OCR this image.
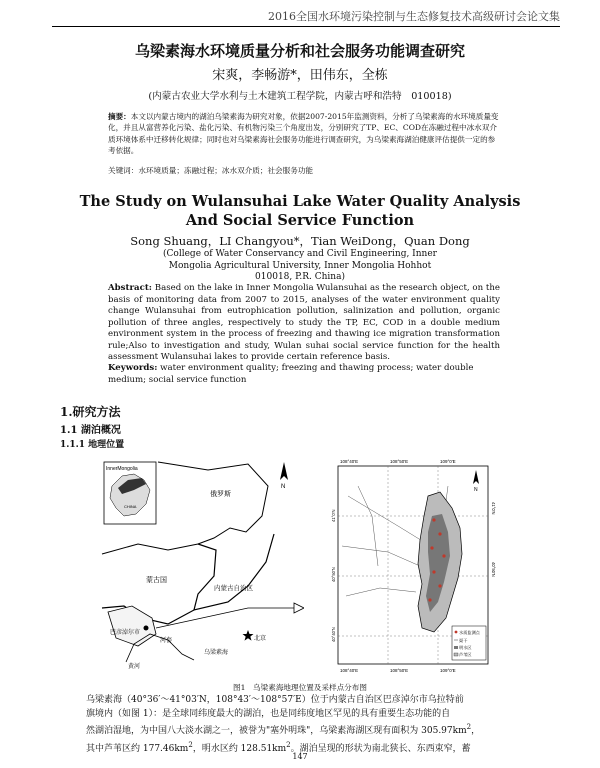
2016全国水环境污染控制与生态修复技术高级研讨会论文集
乌梁素海水环境质量分析和社会服务功能调查研究
宋爽，李畅游*，田伟东，全栋
(内蒙古农业大学水利与土木建筑工程学院，内蒙古呼和浩特　010018)
摘要：本文以内蒙古境内的湖泊乌梁素海为研究对象，依据2007-2015年监测资料，分析了乌梁素海的水环境质量变化，并且从富营养化污染、盐化污染、有机物污染三个角度出发，分别研究了TP、EC、COD在冻融过程中冰水双介质环境体系中迁移转化规律；同时也对乌梁素海社会服务功能进行调查研究，为乌梁素海湖泊健康评估提供一定的参考依据。
关键词：水环境质量；冻融过程；冰水双介质；社会服务功能
The Study on Wulansuhai Lake Water Quality Analysis
And Social Service Function
Song Shuang，LI Changyou*，Tian WeiDong，Quan Dong
(College of Water Conservancy and Civil Engineering, Inner Mongolia Agricultural University, Inner Mongolia Hohhot 010018, P.R. China)
Abstract: Based on the lake in Inner Mongolia Wulansuhai as the research object, on the basis of monitoring data from 2007 to 2015, analyses of the water environment quality change Wulansuhai from eutrophication pollution, salinization and pollution, organic pollution of three angles, respectively to study the TP, EC, COD in a double medium environment system in the process of freezing and thawing ice migration transformation rule;Also to investigation and study, Wulan suhai social service function for the health assessment Wulansuhai lakes to provide certain reference basis.
Keywords: water environment quality; freezing and thawing process; water double medium; social service function
1.研究方法
1.1 湖泊概况
1.1.1 地理位置
InnerMongolia
CHINA
N
俄罗斯
蒙古国
内蒙古自治区
巴彦淖尔市
河套
乌梁素海
北京
黄河
108°40'E	108°50'E	109°0'E
108°40'E	108°50'E	109°0'E
41°0'N
40°50'N
40°40'N
41°0'N
40°50'N
N
水质监测点
渠干
明水区
芦苇区
图1　乌梁素海地理位置及采样点分布图
乌梁素海（40°36′～41°03′N，108°43′～108°57′E）位于内蒙古自治区巴彦淖尔市乌拉特前
旗境内（如图 1）：是全球同纬度最大的湖泊，也是同纬度地区罕见的具有重要生态功能的自
然湖泊湿地，为中国八大淡水湖之一，被誉为"塞外明珠"，乌梁素海湖区现有面积为 $305.97km^2$，
其中芦苇区约 $177.46km^2$，明水区约 $128.51km^2$。湖泊呈现的形状为南北狭长、东西束窄，蓄
147
